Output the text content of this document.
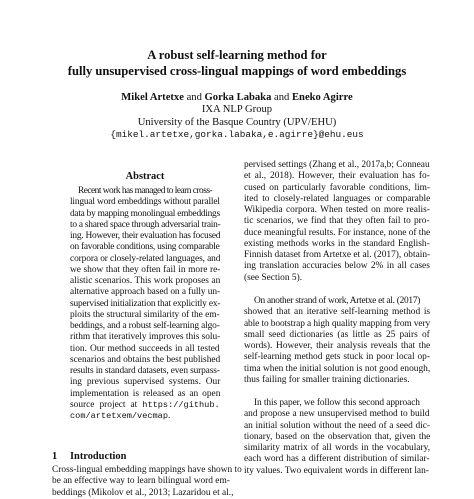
A robust self-learning method for
fully unsupervised cross-lingual mappings of word embeddings
Mikel Artetxe and Gorka Labaka and Eneko Agirre
IXA NLP Group
University of the Basque Country (UPV/EHU)
{mikel.artetxe,gorka.labaka,e.agirre}@ehu.eus
Abstract
Recent work has managed to learn cross-
lingual word embeddings without parallel
data by mapping monolingual embeddings
to a shared space through adversarial train-
ing. However, their evaluation has focused
on favorable conditions, using comparable
corpora or closely-related languages, and
we show that they often fail in more re-
alistic scenarios. This work proposes an
alternative approach based on a fully un-
supervised initialization that explicitly ex-
ploits the structural similarity of the em-
beddings, and a robust self-learning algo-
rithm that iteratively improves this solu-
tion. Our method succeeds in all tested
scenarios and obtains the best published
results in standard datasets, even surpass-
ing previous supervised systems. Our
implementation is released as an open
source project at https://github.
com/artetxem/vecmap.
1 Introduction
Cross-lingual embedding mappings have shown to
be an effective way to learn bilingual word em-
beddings (Mikolov et al., 2013; Lazaridou et al.,
pervised settings (Zhang et al., 2017a,b; Conneau
et al., 2018). However, their evaluation has fo-
cused on particularly favorable conditions, lim-
ited to closely-related languages or comparable
Wikipedia corpora. When tested on more realis-
tic scenarios, we find that they often fail to pro-
duce meaningful results. For instance, none of the
existing methods works in the standard English-
Finnish dataset from Artetxe et al. (2017), obtain-
ing translation accuracies below 2% in all cases
(see Section 5).
On another strand of work, Artetxe et al. (2017)
showed that an iterative self-learning method is
able to bootstrap a high quality mapping from very
small seed dictionaries (as little as 25 pairs of
words). However, their analysis reveals that the
self-learning method gets stuck in poor local op-
tima when the initial solution is not good enough,
thus failing for smaller training dictionaries.
In this paper, we follow this second approach
and propose a new unsupervised method to build
an initial solution without the need of a seed dic-
tionary, based on the observation that, given the
similarity matrix of all words in the vocabulary,
each word has a different distribution of similar-
ity values. Two equivalent words in different lan-
